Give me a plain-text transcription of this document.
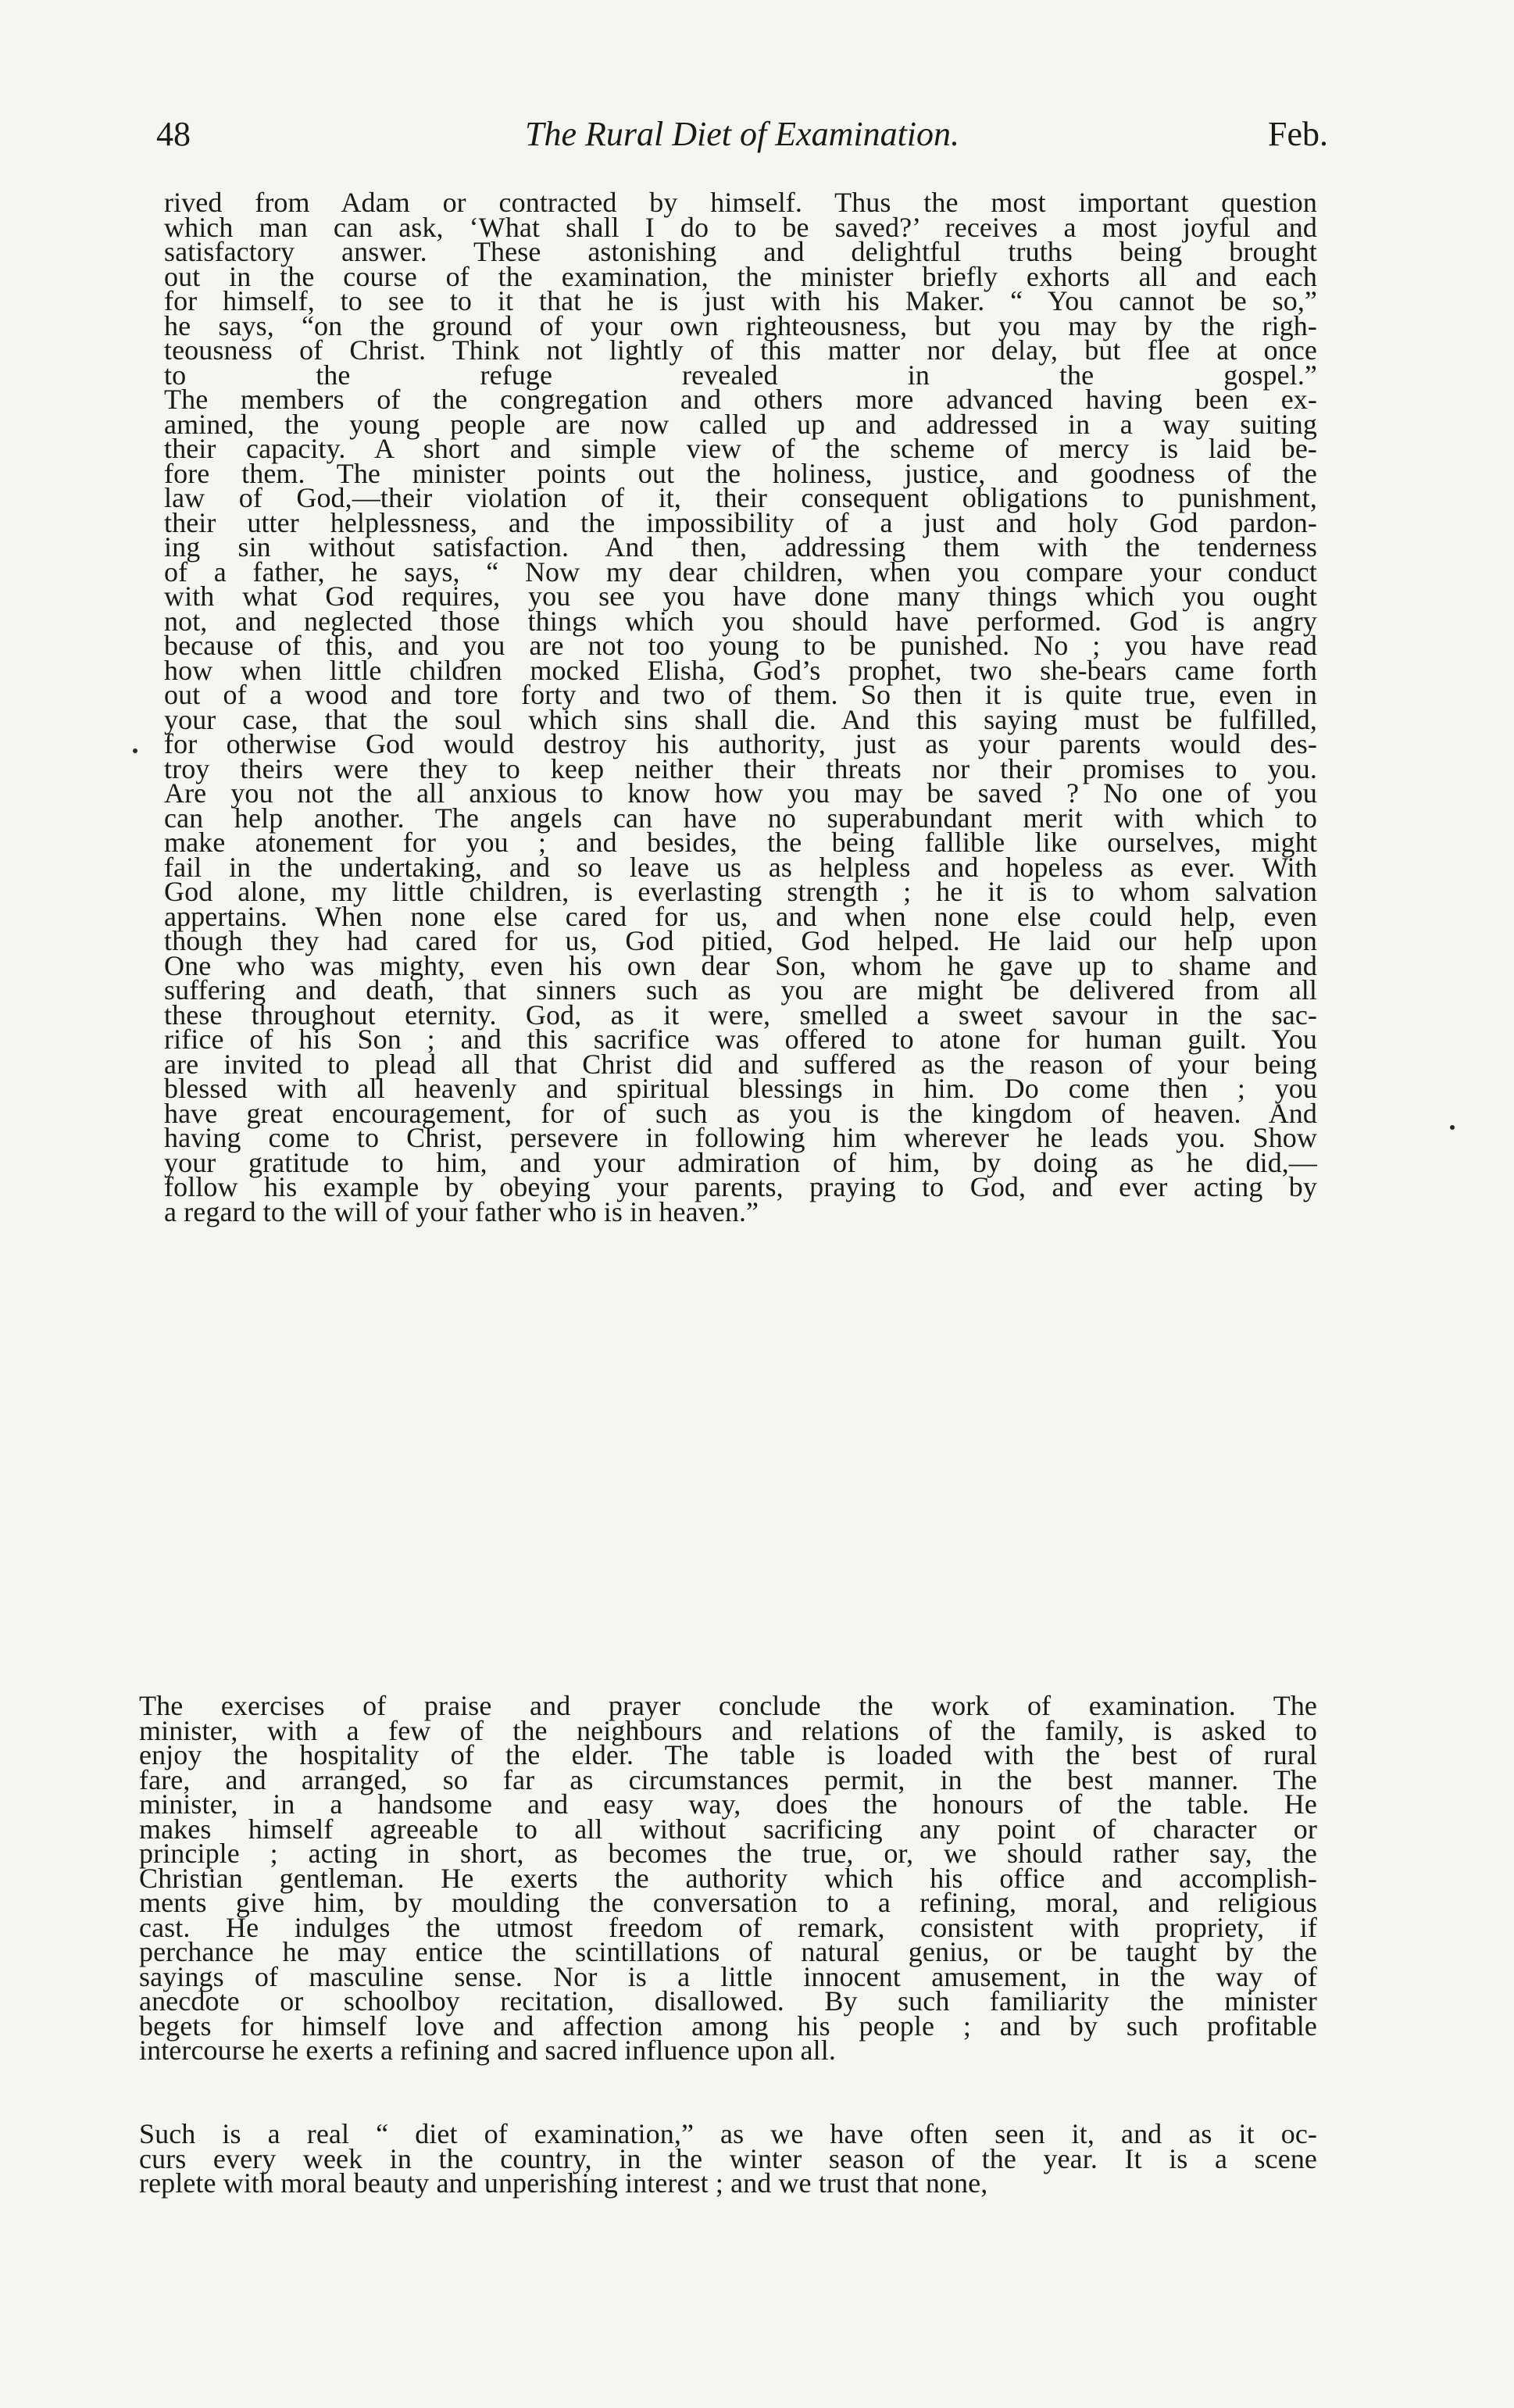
48	The Rural Diet of Examination.	Feb.
rived from Adam or contracted by himself. Thus the most important question
which man can ask, ‘What shall I do to be saved?’ receives a most joyful and
satisfactory answer. These astonishing and delightful truths being brought
out in the course of the examination, the minister briefly exhorts all and each
for himself, to see to it that he is just with his Maker. “ You cannot be so,”
he says, “on the ground of your own righteousness, but you may by the righ-
teousness of Christ. Think not lightly of this matter nor delay, but flee at once
to the refuge revealed in the gospel.”
The members of the congregation and others more advanced having been ex-
amined, the young people are now called up and addressed in a way suiting
their capacity. A short and simple view of the scheme of mercy is laid be-
fore them. The minister points out the holiness, justice, and goodness of the
law of God,—their violation of it, their consequent obligations to punishment,
their utter helplessness, and the impossibility of a just and holy God pardon-
ing sin without satisfaction. And then, addressing them with the tenderness
of a father, he says, “ Now my dear children, when you compare your conduct
with what God requires, you see you have done many things which you ought
not, and neglected those things which you should have performed. God is angry
because of this, and you are not too young to be punished. No ; you have read
how when little children mocked Elisha, God’s prophet, two she-bears came forth
out of a wood and tore forty and two of them. So then it is quite true, even in
your case, that the soul which sins shall die. And this saying must be fulfilled,
for otherwise God would destroy his authority, just as your parents would des-
troy theirs were they to keep neither their threats nor their promises to you.
Are you not the all anxious to know how you may be saved ? No one of you
can help another. The angels can have no superabundant merit with which to
make atonement for you ; and besides, the being fallible like ourselves, might
fail in the undertaking, and so leave us as helpless and hopeless as ever. With
God alone, my little children, is everlasting strength ; he it is to whom salvation
appertains. When none else cared for us, and when none else could help, even
though they had cared for us, God pitied, God helped. He laid our help upon
One who was mighty, even his own dear Son, whom he gave up to shame and
suffering and death, that sinners such as you are might be delivered from all
these throughout eternity. God, as it were, smelled a sweet savour in the sac-
rifice of his Son ; and this sacrifice was offered to atone for human guilt. You
are invited to plead all that Christ did and suffered as the reason of your being
blessed with all heavenly and spiritual blessings in him. Do come then ; you
have great encouragement, for of such as you is the kingdom of heaven. And
having come to Christ, persevere in following him wherever he leads you. Show
your gratitude to him, and your admiration of him, by doing as he did,—
follow his example by obeying your parents, praying to God, and ever acting by
a regard to the will of your father who is in heaven.”
The exercises of praise and prayer conclude the work of examination. The
minister, with a few of the neighbours and relations of the family, is asked to
enjoy the hospitality of the elder. The table is loaded with the best of rural
fare, and arranged, so far as circumstances permit, in the best manner. The
minister, in a handsome and easy way, does the honours of the table. He
makes himself agreeable to all without sacrificing any point of character or
principle ; acting in short, as becomes the true, or, we should rather say, the
Christian gentleman. He exerts the authority which his office and accomplish-
ments give him, by moulding the conversation to a refining, moral, and religious
cast. He indulges the utmost freedom of remark, consistent with propriety, if
perchance he may entice the scintillations of natural genius, or be taught by the
sayings of masculine sense. Nor is a little innocent amusement, in the way of
anecdote or schoolboy recitation, disallowed. By such familiarity the minister
begets for himself love and affection among his people ; and by such profitable
intercourse he exerts a refining and sacred influence upon all.
Such is a real “ diet of examination,” as we have often seen it, and as it oc-
curs every week in the country, in the winter season of the year. It is a scene
replete with moral beauty and unperishing interest ; and we trust that none,
